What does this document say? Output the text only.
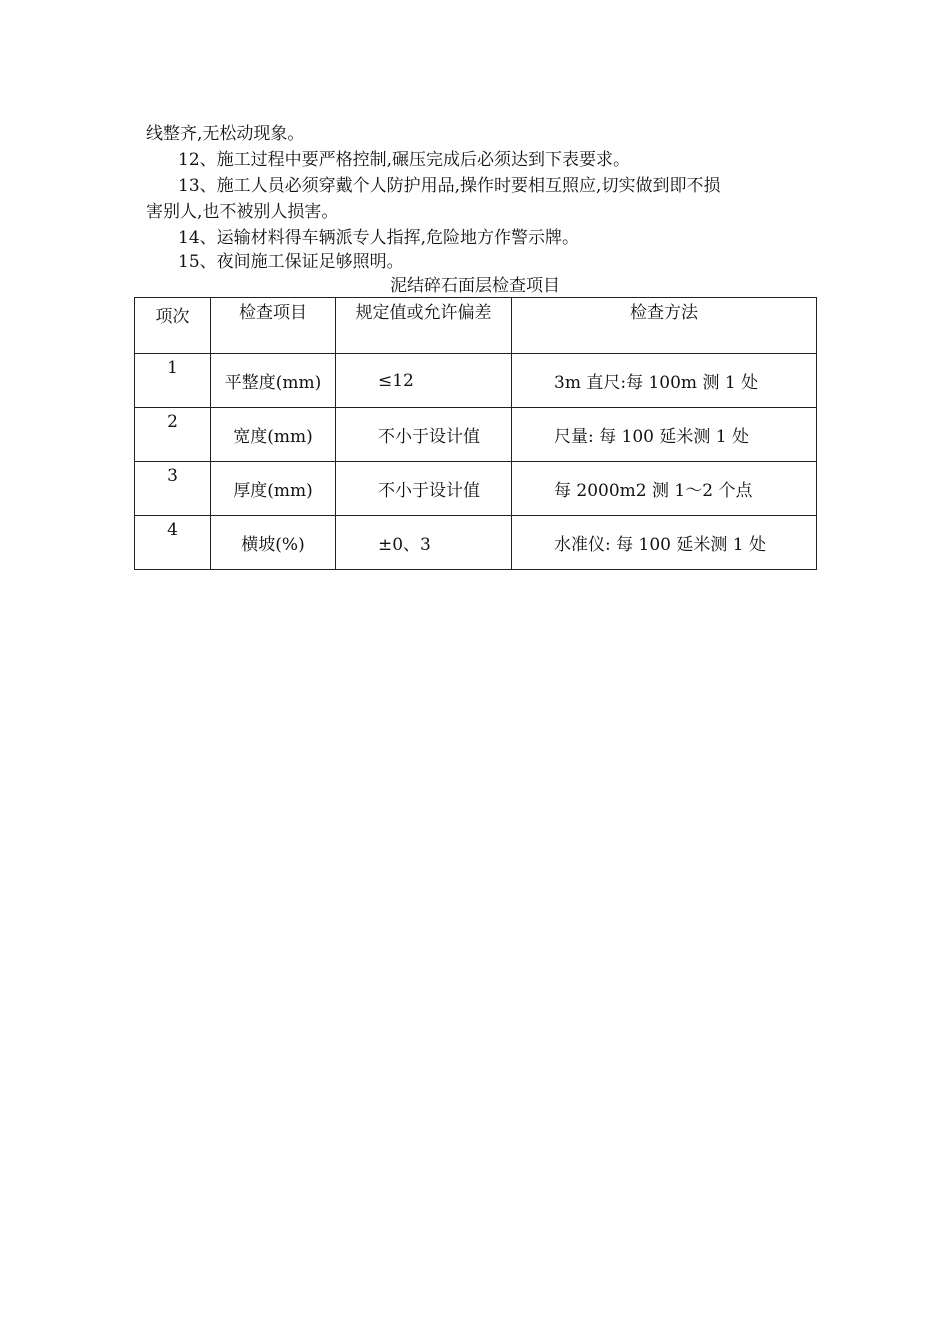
线整齐,无松动现象。
12、施工过程中要严格控制,碾压完成后必须达到下表要求。
13、施工人员必须穿戴个人防护用品,操作时要相互照应,切实做到即不损
害别人,也不被别人损害。
14、运输材料得车辆派专人指挥,危险地方作警示牌。
15、夜间施工保证足够照明。
泥结碎石面层检查项目
项次	检查项目	规定值或允许偏差	检查方法

1	平整度(mm)	≤12	3m 直尺:每 100m 测 1 处

2	宽度(mm)	不小于设计值	尺量: 每 100 延米测 1 处

3	厚度(mm)	不小于设计值	每 2000m2 测 1～2 个点

4	横坡(%)	±0、3	水准仪: 每 100 延米测 1 处
